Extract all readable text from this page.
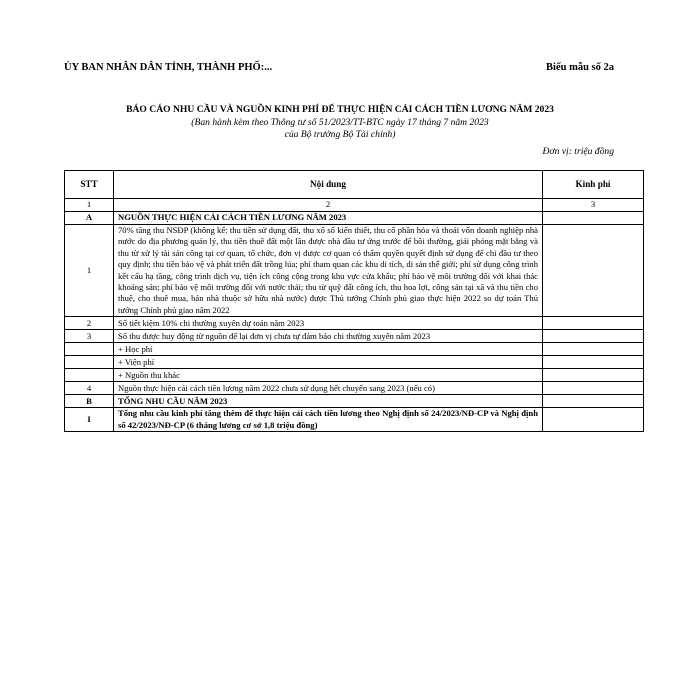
ỦY BAN NHÂN DÂN TỈNH, THÀNH PHỐ:...	Biểu mẫu số 2a
BÁO CÁO NHU CẦU VÀ NGUỒN KINH PHÍ ĐỂ THỰC HIỆN CẢI CÁCH TIỀN LƯƠNG NĂM 2023
(Ban hành kèm theo Thông tư số 51/2023/TT-BTC ngày 17 tháng 7 năm 2023
của Bộ trưởng Bộ Tài chính)
Đơn vị: triệu đồng
STT	Nội dung	Kinh phí
1	2	3
A	NGUỒN THỰC HIỆN CẢI CÁCH TIỀN LƯƠNG NĂM 2023	
1	70% tăng thu NSĐP (không kể: thu tiền sử dụng đất, thu xổ số kiến thiết, thu cổ phần hóa và thoái vốn doanh nghiệp nhà nước do địa phương quản lý, thu tiền thuê đất một lần được nhà đầu tư ứng trước để bồi thường, giải phóng mặt bằng và thu từ xử lý tài sản công tại cơ quan, tổ chức, đơn vị được cơ quan có thẩm quyền quyết định sử dụng để chi đầu tư theo quy định; thu tiền bảo vệ và phát triển đất trồng lúa; phí tham quan các khu di tích, di sản thế giới; phí sử dụng công trình kết cấu hạ tầng, công trình dịch vụ, tiện ích công cộng trong khu vực cửa khẩu; phí bảo vệ môi trường đối với khai thác khoáng sản; phí bảo vệ môi trường đối với nước thải; thu từ quỹ đất công ích, thu hoa lợi, công sản tại xã và thu tiền cho thuê, cho thuê mua, bán nhà thuộc sở hữu nhà nước) được Thủ tướng Chính phủ giao thực hiện 2022 so dự toán Thủ tướng Chính phủ giao năm 2022	
2	Số tiết kiệm 10% chi thường xuyên dự toán năm 2023	
3	Số thu được huy động từ nguồn để lại đơn vị chưa tự đảm bảo chi thường xuyên năm 2023	
	+ Học phí	
	+ Viện phí	
	+ Nguồn thu khác	
4	Nguồn thực hiện cải cách tiền lương năm 2022 chưa sử dụng hết chuyển sang 2023 (nếu có)	
B	TỔNG NHU CẦU NĂM 2023	
I	Tổng nhu cầu kinh phí tăng thêm để thực hiện cải cách tiền lương theo Nghị định số 24/2023/NĐ-CP và Nghị định số 42/2023/NĐ-CP (6 tháng lương cơ sở 1,8 triệu đồng)	
